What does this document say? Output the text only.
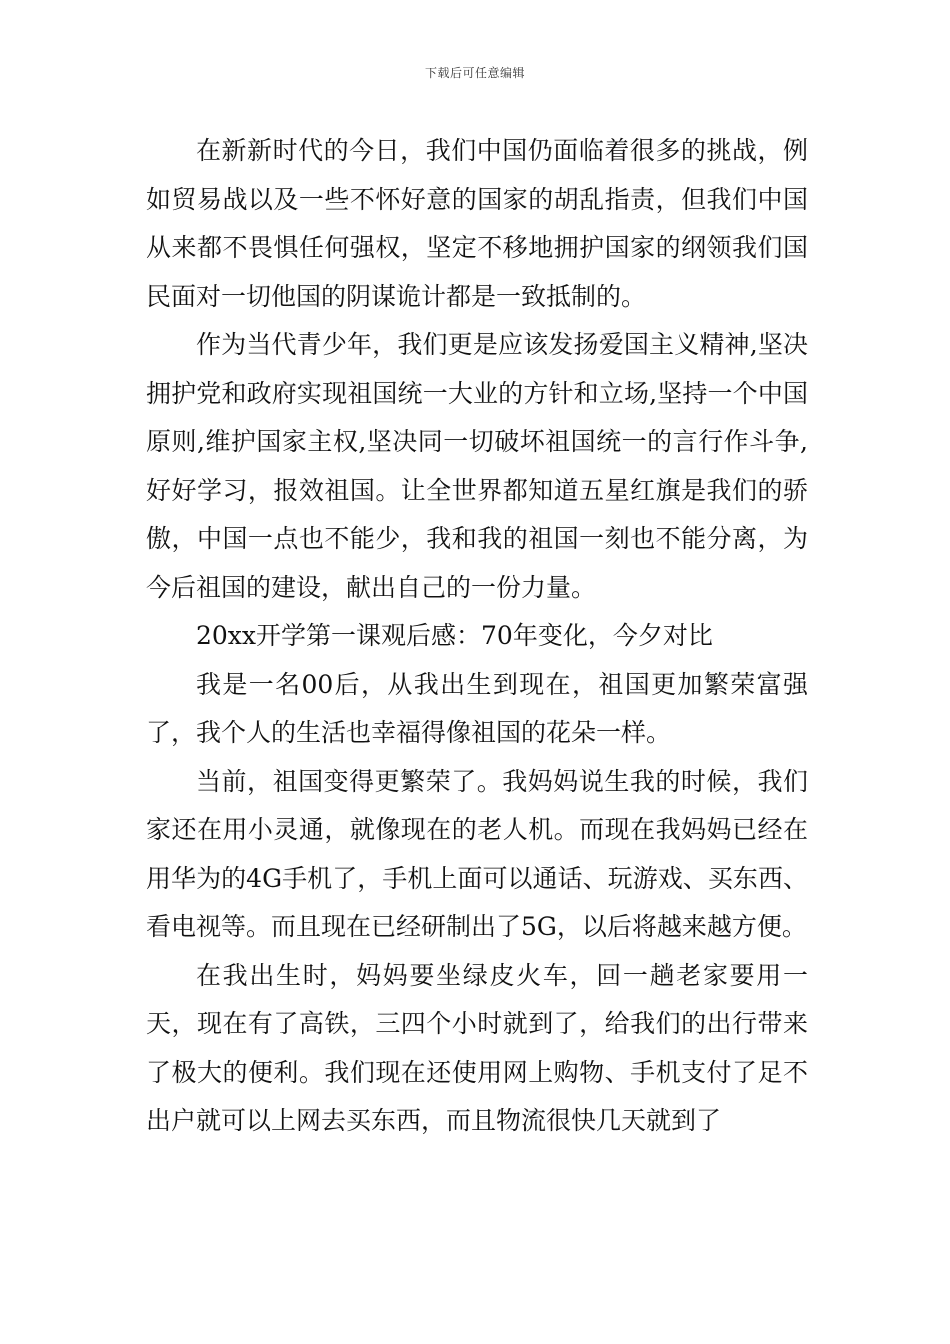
下载后可任意编辑

在新新时代的今日，我们中国仍面临着很多的挑战，例如贸易战以及一些不怀好意的国家的胡乱指责，但我们中国从来都不畏惧任何强权，坚定不移地拥护国家的纲领我们国民面对一切他国的阴谋诡计都是一致抵制的。

作为当代青少年，我们更是应该发扬爱国主义精神,坚决拥护党和政府实现祖国统一大业的方针和立场,坚持一个中国原则,维护国家主权,坚决同一切破坏祖国统一的言行作斗争,好好学习，报效祖国。让全世界都知道五星红旗是我们的骄傲，中国一点也不能少，我和我的祖国一刻也不能分离，为今后祖国的建设，献出自己的一份力量。

20xx开学第一课观后感：70年变化，今夕对比

我是一名00后，从我出生到现在，祖国更加繁荣富强了，我个人的生活也幸福得像祖国的花朵一样。

当前，祖国变得更繁荣了。我妈妈说生我的时候，我们家还在用小灵通，就像现在的老人机。而现在我妈妈已经在用华为的4G手机了，手机上面可以通话、玩游戏、买东西、看电视等。而且现在已经研制出了5G，以后将越来越方便。

在我出生时，妈妈要坐绿皮火车，回一趟老家要用一天，现在有了高铁，三四个小时就到了，给我们的出行带来了极大的便利。我们现在还使用网上购物、手机支付了足不出户就可以上网去买东西，而且物流很快几天就到了
